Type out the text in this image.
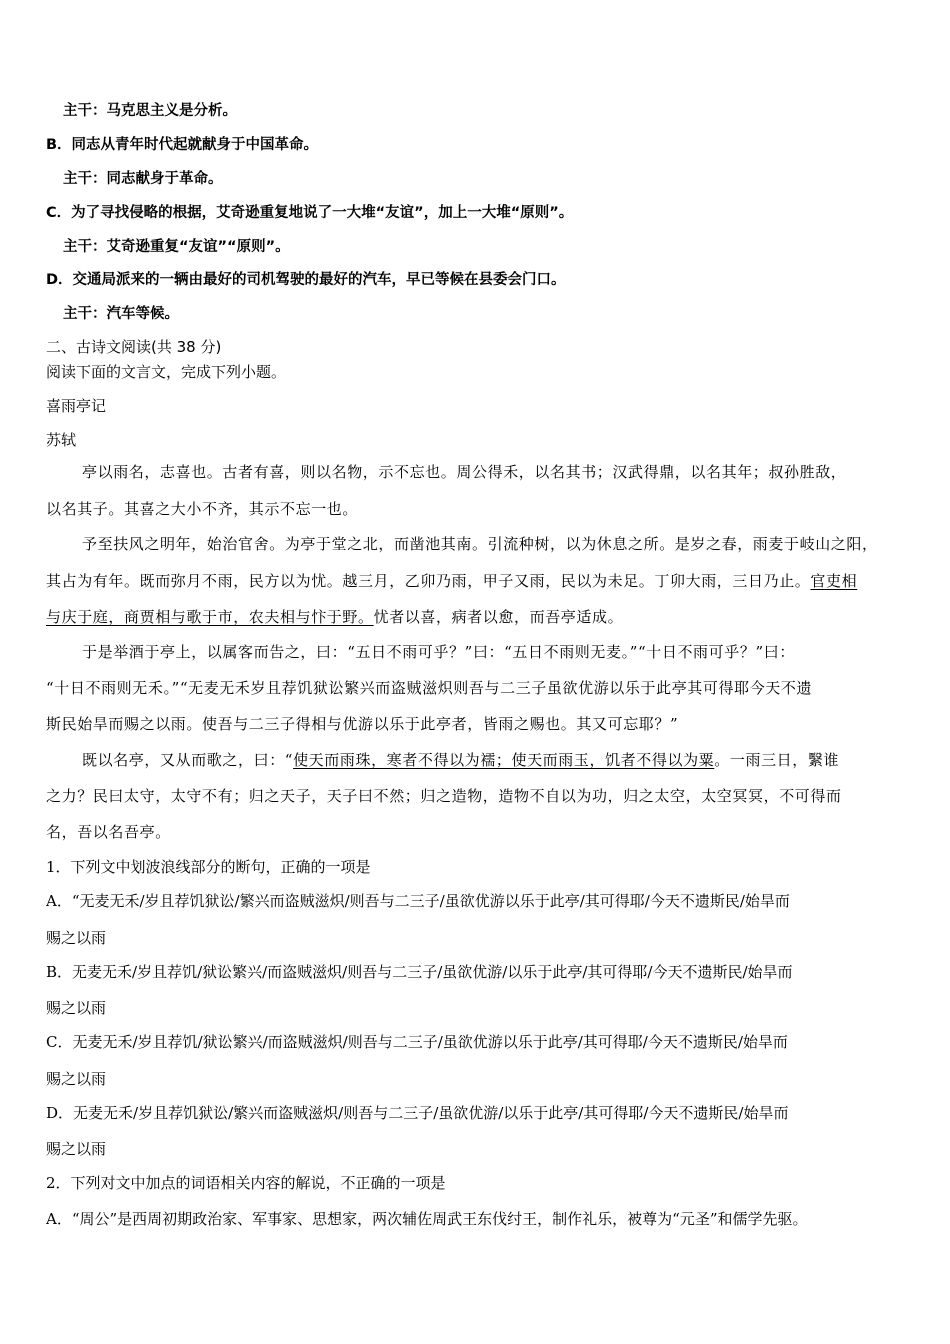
主干：马克思主义是分析。
B．同志从青年时代起就献身于中国革命。
主干：同志献身于革命。
C．为了寻找侵略的根据，艾奇逊重复地说了一大堆“友谊”，加上一大堆“原则”。
主干：艾奇逊重复“友谊”“原则”。
D．交通局派来的一辆由最好的司机驾驶的最好的汽车，早已等候在县委会门口。
主干：汽车等候。
二、古诗文阅读(共 38 分)
阅读下面的文言文，完成下列小题。
喜雨亭记
苏轼
亭以雨名，志喜也。古者有喜，则以名物，示不忘也。周公得禾，以名其书；汉武得鼎，以名其年；叔孙胜敌，
以名其子。其喜之大小不齐，其示不忘一也。
予至扶风之明年，始治官舍。为亭于堂之北，而凿池其南。引流种树，以为休息之所。是岁之春，雨麦于岐山之阳，
其占为有年。既而弥月不雨，民方以为忧。越三月，乙卯乃雨，甲子又雨，民以为未足。丁卯大雨，三日乃止。官吏相
与庆于庭，商贾相与歌于市，农夫相与忭于野。忧者以喜，病者以愈，而吾亭适成。
于是举酒于亭上，以属客而告之，曰：“五日不雨可乎？”曰：“五日不雨则无麦。”“十日不雨可乎？”曰：
“十日不雨则无禾。”“无麦无禾岁且荐饥狱讼繁兴而盗贼滋炽则吾与二三子虽欲优游以乐于此亭其可得耶今天不遗
斯民始旱而赐之以雨。使吾与二三子得相与优游以乐于此亭者，皆雨之赐也。其又可忘耶？”
既以名亭，又从而歌之，曰：“使天而雨珠，寒者不得以为襦；使天而雨玉，饥者不得以为粟。一雨三日，繄谁
之力？民曰太守，太守不有；归之天子，天子曰不然；归之造物，造物不自以为功，归之太空，太空冥冥，不可得而
名，吾以名吾亭。
1．下列文中划波浪线部分的断句，正确的一项是
A．“无麦无禾/岁且荐饥狱讼/繁兴而盗贼滋炽/则吾与二三子/虽欲优游以乐于此亭/其可得耶/今天不遗斯民/始旱而
赐之以雨
B．无麦无禾/岁且荐饥/狱讼繁兴/而盗贼滋炽/则吾与二三子/虽欲优游/以乐于此亭/其可得耶/今天不遗斯民/始旱而
赐之以雨
C．无麦无禾/岁且荐饥/狱讼繁兴/而盗贼滋炽/则吾与二三子/虽欲优游以乐于此亭/其可得耶/今天不遗斯民/始旱而
赐之以雨
D．无麦无禾/岁且荐饥狱讼/繁兴而盗贼滋炽/则吾与二三子/虽欲优游/以乐于此亭/其可得耶/今天不遗斯民/始旱而
赐之以雨
2．下列对文中加点的词语相关内容的解说，不正确的一项是
A．“周公”是西周初期政治家、军事家、思想家，两次辅佐周武王东伐纣王，制作礼乐，被尊为“元圣”和儒学先驱。
